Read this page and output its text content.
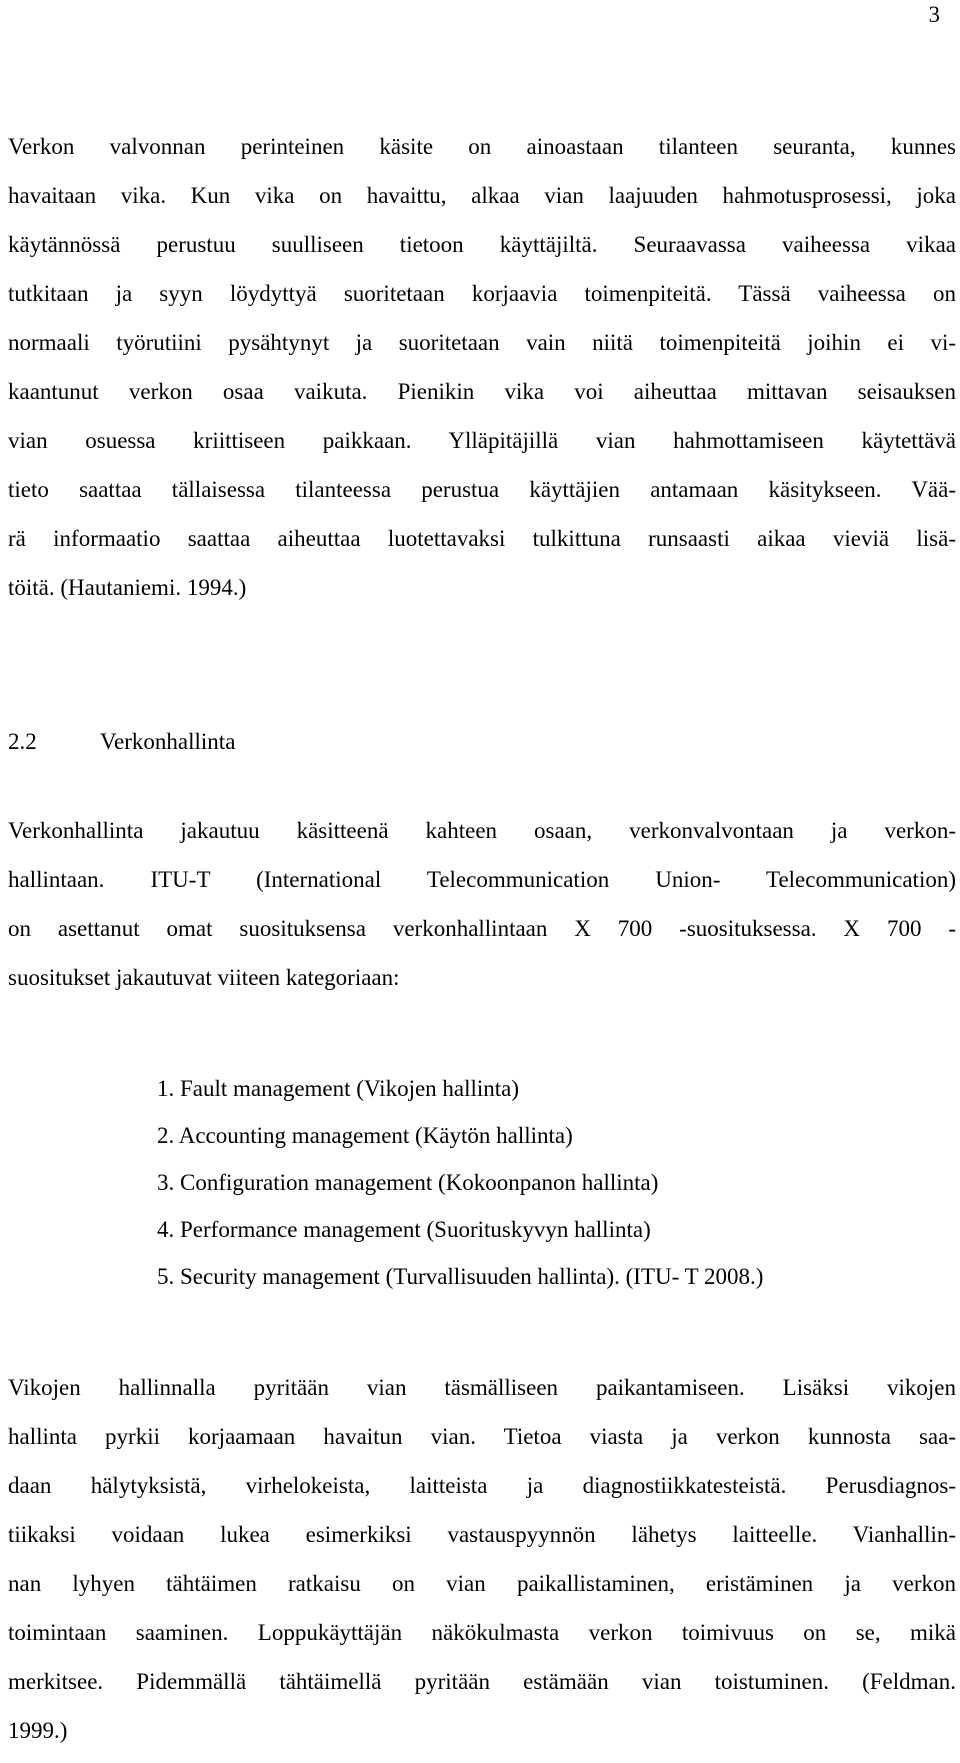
3
Verkon valvonnan perinteinen käsite on ainoastaan tilanteen seuranta, kunnes
havaitaan vika. Kun vika on havaittu, alkaa vian laajuuden hahmotusprosessi, joka
käytännössä perustuu suulliseen tietoon käyttäjiltä. Seuraavassa vaiheessa vikaa
tutkitaan ja syyn löydyttyä suoritetaan korjaavia toimenpiteitä. Tässä vaiheessa on
normaali työrutiini pysähtynyt ja suoritetaan vain niitä toimenpiteitä joihin ei vi-
kaantunut verkon osaa vaikuta. Pienikin vika voi aiheuttaa mittavan seisauksen
vian osuessa kriittiseen paikkaan. Ylläpitäjillä vian hahmottamiseen käytettävä
tieto saattaa tällaisessa tilanteessa perustua käyttäjien antamaan käsitykseen. Vää-
rä informaatio saattaa aiheuttaa luotettavaksi tulkittuna runsaasti aikaa vieviä lisä-
töitä. (Hautaniemi. 1994.)
2.2	Verkonhallinta
Verkonhallinta jakautuu käsitteenä kahteen osaan, verkonvalvontaan ja verkon-
hallintaan. ITU-T (International Telecommunication Union- Telecommunication)
on asettanut omat suosituksensa verkonhallintaan X 700 -suosituksessa. X 700 -
suositukset jakautuvat viiteen kategoriaan:
1. Fault management (Vikojen hallinta)
2. Accounting management (Käytön hallinta)
3. Configuration management (Kokoonpanon hallinta)
4. Performance management (Suorituskyvyn hallinta)
5. Security management (Turvallisuuden hallinta). (ITU- T 2008.)
Vikojen hallinnalla pyritään vian täsmälliseen paikantamiseen. Lisäksi vikojen
hallinta pyrkii korjaamaan havaitun vian. Tietoa viasta ja verkon kunnosta saa-
daan hälytyksistä, virhelokeista, laitteista ja diagnostiikkatesteistä. Perusdiagnos-
tiikaksi voidaan lukea esimerkiksi vastauspyynnön lähetys laitteelle. Vianhallin-
nan lyhyen tähtäimen ratkaisu on vian paikallistaminen, eristäminen ja verkon
toimintaan saaminen. Loppukäyttäjän näkökulmasta verkon toimivuus on se, mikä
merkitsee. Pidemmällä tähtäimellä pyritään estämään vian toistuminen. (Feldman.
1999.)
